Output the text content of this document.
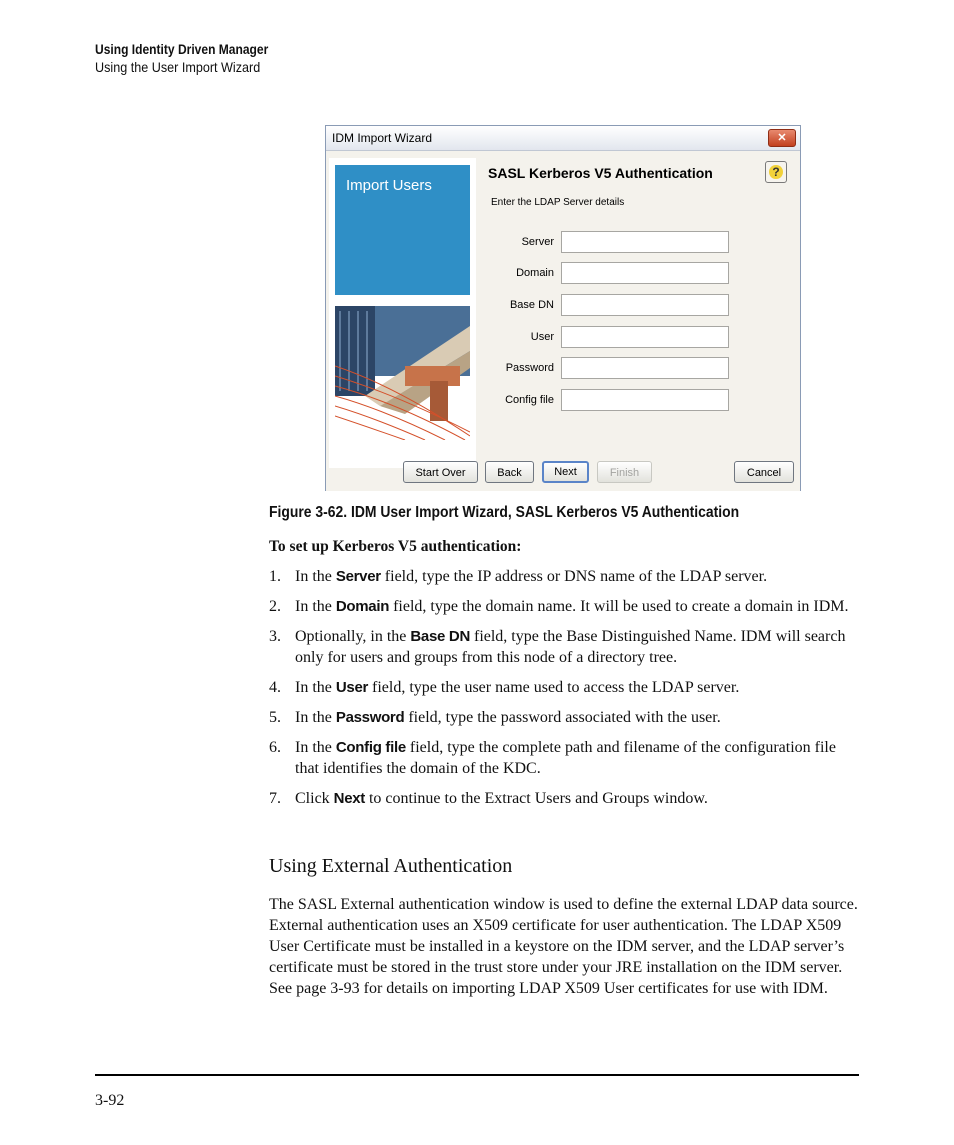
Using Identity Driven Manager
Using the User Import Wizard
IDM Import Wizard	✕
Import Users
SASL Kerberos V5 Authentication	?
Enter the LDAP Server details
Server
Domain
Base DN
User
Password
Config file
Start Over	Back	Next	Finish	Cancel
Figure 3-62. IDM User Import Wizard, SASL Kerberos V5 Authentication
To set up Kerberos V5 authentication:
1. In the Server field, type the IP address or DNS name of the LDAP server.
2. In the Domain field, type the domain name. It will be used to create a domain in IDM.
3. Optionally, in the Base DN field, type the Base Distinguished Name. IDM will search only for users and groups from this node of a directory tree.
4. In the User field, type the user name used to access the LDAP server.
5. In the Password field, type the password associated with the user.
6. In the Config file field, type the complete path and filename of the configuration file that identifies the domain of the KDC.
7. Click Next to continue to the Extract Users and Groups window.
Using External Authentication
The SASL External authentication window is used to define the external LDAP data source. External authentication uses an X509 certificate for user authentication. The LDAP X509 User Certificate must be installed in a keystore on the IDM server, and the LDAP server’s certificate must be stored in the trust store under your JRE installation on the IDM server. See page 3-93 for details on importing LDAP X509 User certificates for use with IDM.
3-92
